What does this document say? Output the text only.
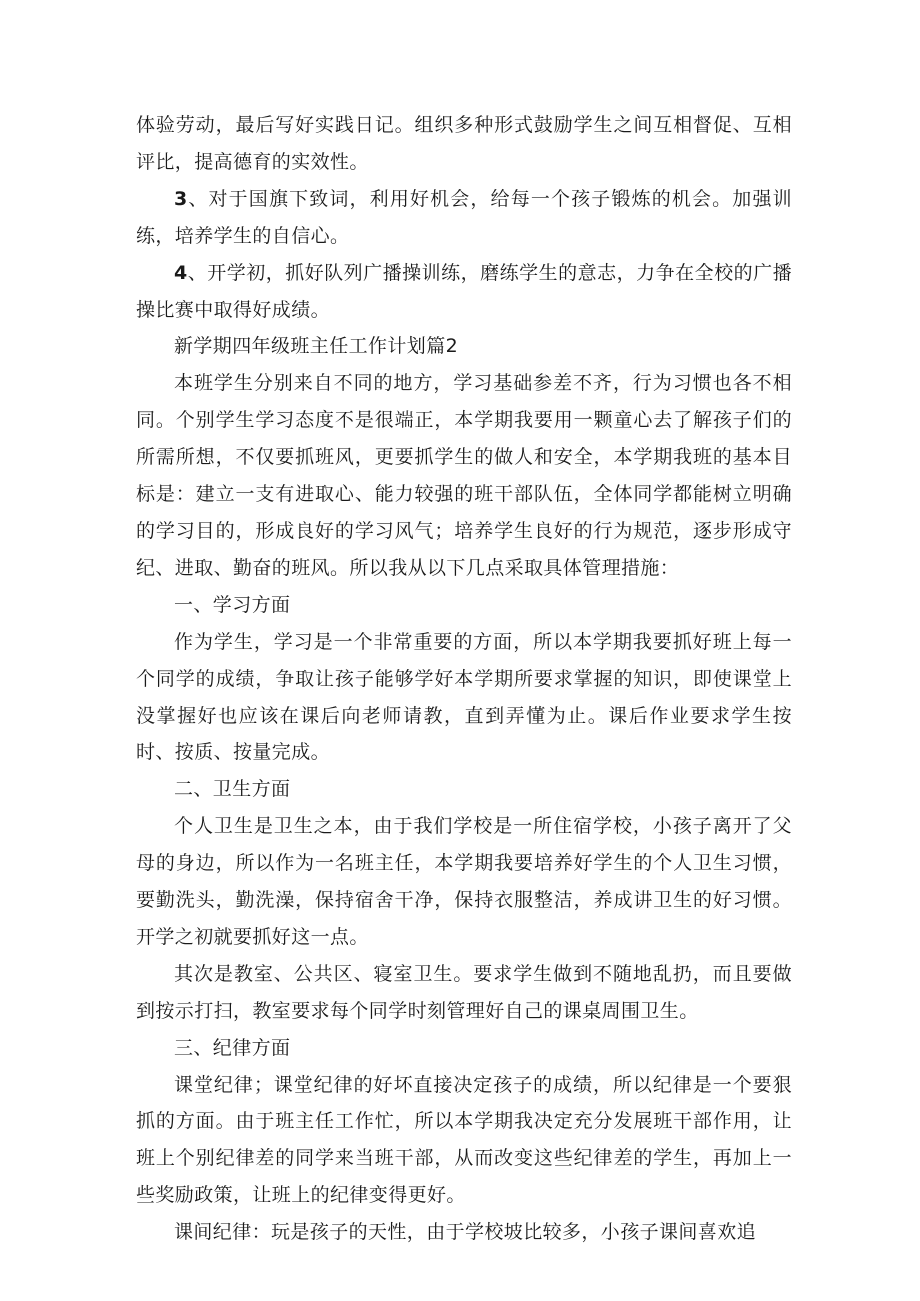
体验劳动，最后写好实践日记。组织多种形式鼓励学生之间互相督促、互相评比，提高德育的实效性。

3、对于国旗下致词，利用好机会，给每一个孩子锻炼的机会。加强训练，培养学生的自信心。

4、开学初，抓好队列广播操训练，磨练学生的意志，力争在全校的广播操比赛中取得好成绩。

新学期四年级班主任工作计划篇2

本班学生分别来自不同的地方，学习基础参差不齐，行为习惯也各不相同。个别学生学习态度不是很端正，本学期我要用一颗童心去了解孩子们的所需所想，不仅要抓班风，更要抓学生的做人和安全，本学期我班的基本目标是：建立一支有进取心、能力较强的班干部队伍，全体同学都能树立明确的学习目的，形成良好的学习风气；培养学生良好的行为规范，逐步形成守纪、进取、勤奋的班风。所以我从以下几点采取具体管理措施：

一、学习方面

作为学生，学习是一个非常重要的方面，所以本学期我要抓好班上每一个同学的成绩，争取让孩子能够学好本学期所要求掌握的知识，即使课堂上没掌握好也应该在课后向老师请教，直到弄懂为止。课后作业要求学生按时、按质、按量完成。

二、卫生方面

个人卫生是卫生之本，由于我们学校是一所住宿学校，小孩子离开了父母的身边，所以作为一名班主任，本学期我要培养好学生的个人卫生习惯，要勤洗头，勤洗澡，保持宿舍干净，保持衣服整洁，养成讲卫生的好习惯。开学之初就要抓好这一点。

其次是教室、公共区、寝室卫生。要求学生做到不随地乱扔，而且要做到按示打扫，教室要求每个同学时刻管理好自己的课桌周围卫生。

三、纪律方面

课堂纪律；课堂纪律的好坏直接决定孩子的成绩，所以纪律是一个要狠抓的方面。由于班主任工作忙，所以本学期我决定充分发展班干部作用，让班上个别纪律差的同学来当班干部，从而改变这些纪律差的学生，再加上一些奖励政策，让班上的纪律变得更好。

课间纪律：玩是孩子的天性，由于学校坡比较多，小孩子课间喜欢追
